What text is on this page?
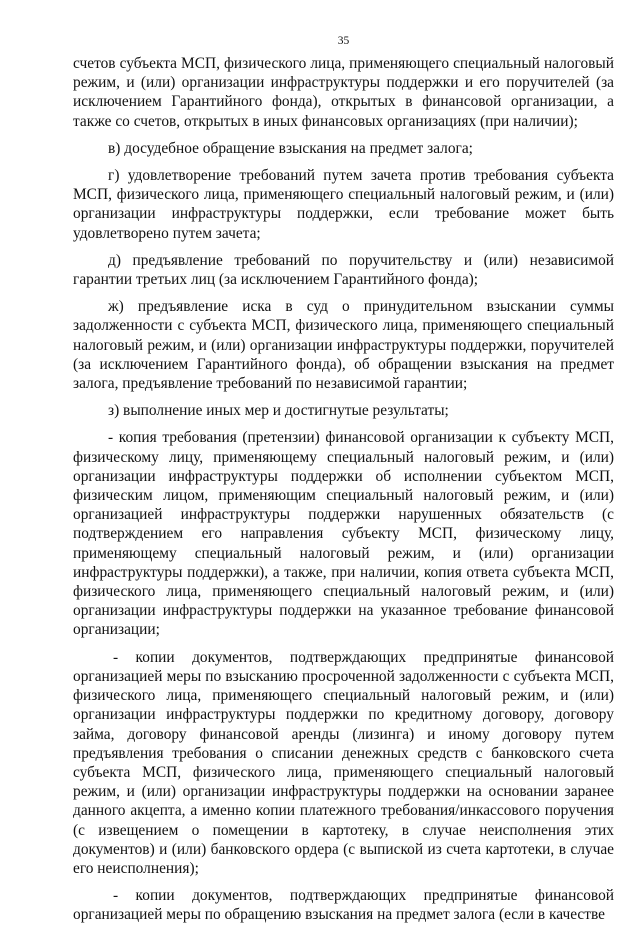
35

счетов субъекта МСП, физического лица, применяющего специальный налоговый режим, и (или) организации инфраструктуры поддержки и его поручителей (за исключением Гарантийного фонда), открытых в финансовой организации, а также со счетов, открытых в иных финансовых организациях (при наличии);

в) досудебное обращение взыскания на предмет залога;

г) удовлетворение требований путем зачета против требования субъекта МСП, физического лица, применяющего специальный налоговый режим, и (или) организации инфраструктуры поддержки, если требование может быть удовлетворено путем зачета;

д) предъявление требований по поручительству и (или) независимой гарантии третьих лиц (за исключением Гарантийного фонда);

ж) предъявление иска в суд о принудительном взыскании суммы задолженности с субъекта МСП, физического лица, применяющего специальный налоговый режим, и (или) организации инфраструктуры поддержки, поручителей (за исключением Гарантийного фонда), об обращении взыскания на предмет залога, предъявление требований по независимой гарантии;

з) выполнение иных мер и достигнутые результаты;

- копия требования (претензии) финансовой организации к субъекту МСП, физическому лицу, применяющему специальный налоговый режим, и (или) организации инфраструктуры поддержки об исполнении субъектом МСП, физическим лицом, применяющим специальный налоговый режим, и (или) организацией инфраструктуры поддержки нарушенных обязательств (с подтверждением его направления субъекту МСП, физическому лицу, применяющему специальный налоговый режим, и (или) организации инфраструктуры поддержки), а также, при наличии, копия ответа субъекта МСП, физического лица, применяющего специальный налоговый режим, и (или) организации инфраструктуры поддержки на указанное требование финансовой организации;

- копии документов, подтверждающих предпринятые финансовой организацией меры по взысканию просроченной задолженности с субъекта МСП, физического лица, применяющего специальный налоговый режим, и (или) организации инфраструктуры поддержки по кредитному договору, договору займа, договору финансовой аренды (лизинга) и иному договору путем предъявления требования о списании денежных средств с банковского счета субъекта МСП, физического лица, применяющего специальный налоговый режим, и (или) организации инфраструктуры поддержки на основании заранее данного акцепта, а именно копии платежного требования/инкассового поручения (с извещением о помещении в картотеку, в случае неисполнения этих документов) и (или) банковского ордера (с выпиской из счета картотеки, в случае его неисполнения);

- копии документов, подтверждающих предпринятые финансовой организацией меры по обращению взыскания на предмет залога (если в качестве
